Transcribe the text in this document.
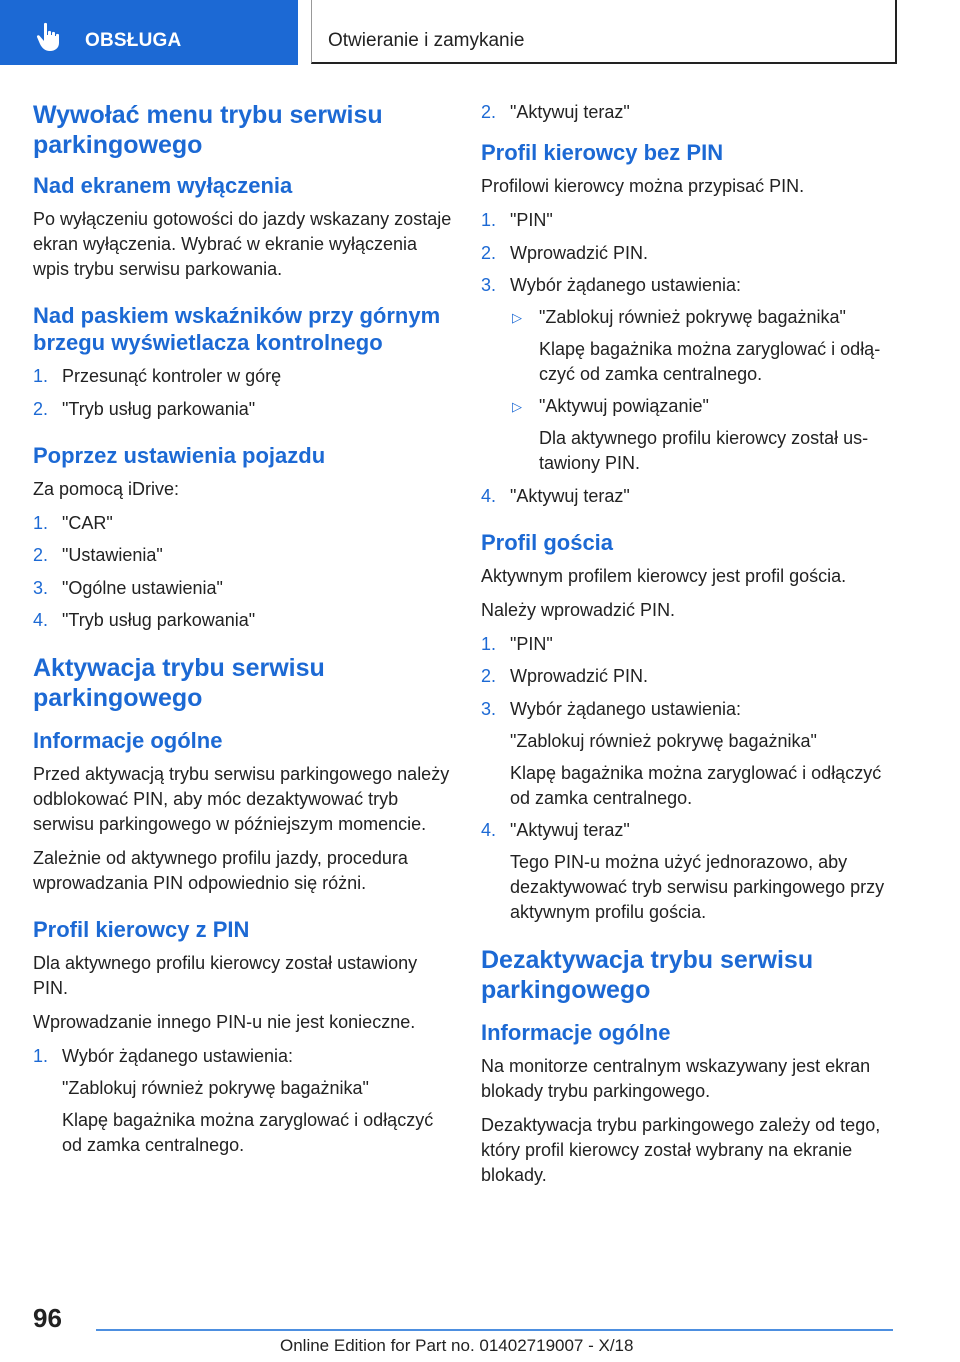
OBSŁUGA	Otwieranie i zamykanie
Wywołać menu trybu serwisu parkingowego
Nad ekranem wyłączenia

Po wyłączeniu gotowości do jazdy wskazany zostaje ekran wyłączenia. Wybrać w ekranie wyłączenia wpis trybu serwisu parkowania.

Nad paskiem wskaźników przy górnym brzegu wyświetlacza kontrolnego
1. Przesunąć kontroler w górę
2. "Tryb usług parkowania"
Poprzez ustawienia pojazdu

Za pomocą iDrive:

1. "CAR"
2. "Ustawienia"
3. "Ogólne ustawienia"
4. "Tryb usług parkowania"
Aktywacja trybu serwisu parkingowego
Informacje ogólne

Przed aktywacją trybu serwisu parkingowego należy odblokować PIN, aby móc dezaktywować tryb serwisu parkingowego w późniejszym momencie.

Zależnie od aktywnego profilu jazdy, procedura wprowadzania PIN odpowiednio się różni.

Profil kierowcy z PIN

Dla aktywnego profilu kierowcy został ustawiony PIN.

Wprowadzanie innego PIN-u nie jest konieczne.

1. Wybór żądanego ustawienia:
"Zablokuj również pokrywę bagażnika"
Klapę bagażnika można zaryglować i odłączyć od zamka centralnego.
2. "Aktywuj teraz"
Profil kierowcy bez PIN

Profilowi kierowcy można przypisać PIN.

1. "PIN"
2. Wprowadzić PIN.
3. Wybór żądanego ustawienia:
▷ "Zablokuj również pokrywę bagażnika"
Klapę bagażnika można zaryglować i odłączyć od zamka centralnego.
▷ "Aktywuj powiązanie"
Dla aktywnego profilu kierowcy został ustawiony PIN.
4. "Aktywuj teraz"
Profil gościa

Aktywnym profilem kierowcy jest profil gościa.

Należy wprowadzić PIN.

1. "PIN"
2. Wprowadzić PIN.
3. Wybór żądanego ustawienia:
"Zablokuj również pokrywę bagażnika"
Klapę bagażnika można zaryglować i odłączyć od zamka centralnego.
4. "Aktywuj teraz"
Tego PIN-u można użyć jednorazowo, aby dezaktywować tryb serwisu parkingowego przy aktywnym profilu gościa.
Dezaktywacja trybu serwisu parkingowego
Informacje ogólne

Na monitorze centralnym wskazywany jest ekran blokady trybu parkingowego.

Dezaktywacja trybu parkingowego zależy od tego, który profil kierowcy został wybrany na ekranie blokady.

96
Online Edition for Part no. 01402719007 - X/18
